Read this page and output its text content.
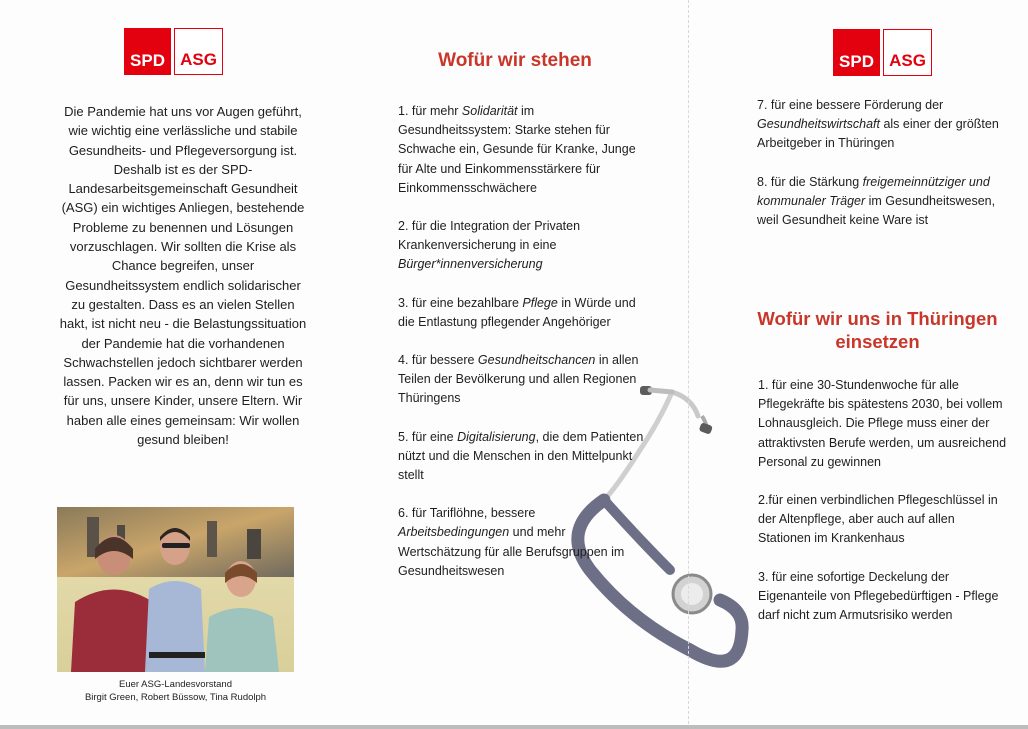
SPD ASG	SPD ASG
Die Pandemie hat uns vor Augen geführt, wie wichtig eine verlässliche und stabile Gesundheits- und Pflegeversorgung ist. Deshalb ist es der SPD-Landesarbeitsgemeinschaft Gesundheit (ASG) ein wichtiges Anliegen, bestehende Probleme zu benennen und Lösungen vorzuschlagen. Wir sollten die Krise als Chance begreifen, unser Gesundheitssystem endlich solidarischer zu gestalten. Dass es an vielen Stellen hakt, ist nicht neu - die Belastungssituation der Pandemie hat die vorhandenen Schwachstellen jedoch sichtbarer werden lassen. Packen wir es an, denn wir tun es für uns, unsere Kinder, unsere Eltern. Wir haben alle eines gemeinsam: Wir wollen gesund bleiben!
Euer ASG-Landesvorstand
Birgit Green, Robert Büssow, Tina Rudolph
Wofür wir stehen
1. für mehr Solidarität im Gesundheitssystem: Starke stehen für Schwache ein, Gesunde für Kranke, Junge für Alte und Einkommensstärkere für Einkommensschwächere
2. für die Integration der Privaten Krankenversicherung in eine Bürger*innenversicherung
3. für eine bezahlbare Pflege in Würde und die Entlastung pflegender Angehöriger
4. für bessere Gesundheitschancen in allen Teilen der Bevölkerung und allen Regionen Thüringens
5. für eine Digitalisierung, die dem Patienten nützt und die Menschen in den Mittelpunkt stellt
6. für Tariflöhne, bessere Arbeitsbedingungen und mehr Wertschätzung für alle Berufsgruppen im Gesundheitswesen
7. für eine bessere Förderung der Gesundheitswirtschaft als einer der größten Arbeitgeber in Thüringen
8. für die Stärkung freigemeinnütziger und kommunaler Träger im Gesundheitswesen, weil Gesundheit keine Ware ist
Wofür wir uns in Thüringen einsetzen
1. für eine 30-Stundenwoche für alle Pflegekräfte bis spätestens 2030, bei vollem Lohnausgleich. Die Pflege muss einer der attraktivsten Berufe werden, um ausreichend Personal zu gewinnen
2.für einen verbindlichen Pflegeschlüssel in der Altenpflege, aber auch auf allen Stationen im Krankenhaus
3. für eine sofortige Deckelung der Eigenanteile von Pflegebedürftigen - Pflege darf nicht zum Armutsrisiko werden
